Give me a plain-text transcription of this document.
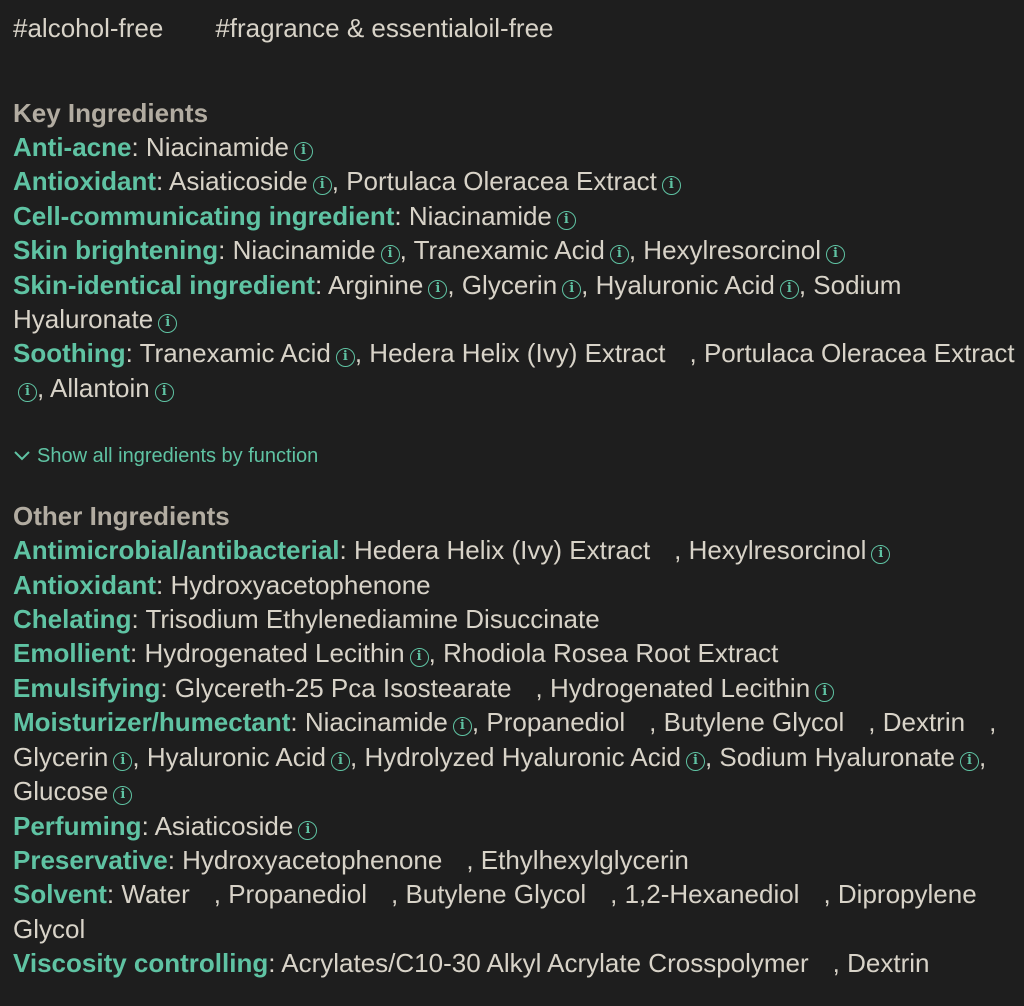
#alcohol-free #fragrance & essentialoil-free
Key Ingredients
Anti-acne: Niacinamide i
Antioxidant: Asiaticoside i , Portulaca Oleracea Extract i
Cell-communicating ingredient: Niacinamide i
Skin brightening: Niacinamide i , Tranexamic Acid i , Hexylresorcinol i
Skin-identical ingredient: Arginine i , Glycerin i , Hyaluronic Acid i , Sodium Hyaluronate i
Soothing: Tranexamic Acid i , Hedera Helix (Ivy) Extract , Portulaca Oleracea Extracti , Allantoin i
Show all ingredients by function
Other Ingredients
Antimicrobial/antibacterial: Hedera Helix (Ivy) Extract , Hexylresorcinol i
Antioxidant: Hydroxyacetophenone
Chelating: Trisodium Ethylenediamine Disuccinate
Emollient: Hydrogenated Lecithin i , Rhodiola Rosea Root Extract
Emulsifying: Glycereth-25 Pca Isostearate , Hydrogenated Lecithin i
Moisturizer/humectant: Niacinamide i , Propanediol , Butylene Glycol , Dextrin , Glycerin i , Hyaluronic Acid i , Hydrolyzed Hyaluronic Acid i , Sodium Hyaluronate i , Glucose i
Perfuming: Asiaticoside i
Preservative: Hydroxyacetophenone , Ethylhexylglycerin
Solvent: Water , Propanediol , Butylene Glycol , 1,2-Hexanediol , Dipropylene Glycol
Viscosity controlling: Acrylates/C10-30 Alkyl Acrylate Crosspolymer , Dextrin
